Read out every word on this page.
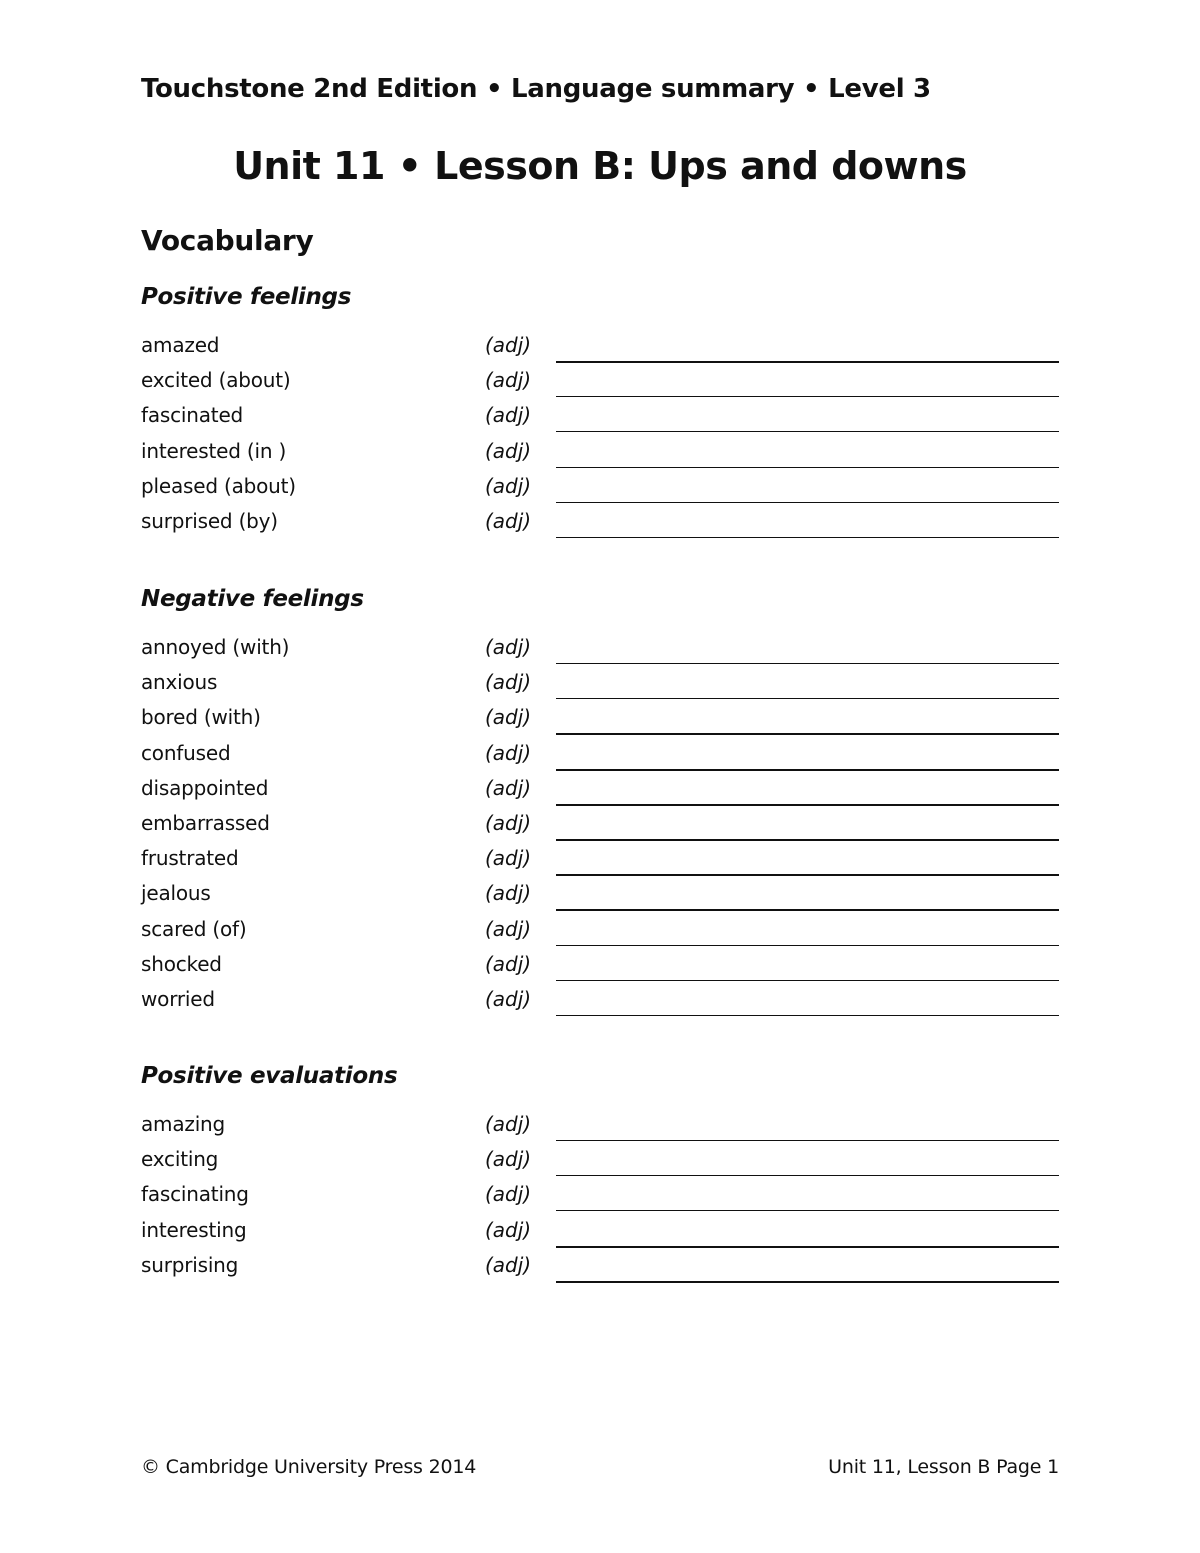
Touchstone 2nd Edition • Language summary • Level 3
Unit 11 • Lesson B: Ups and downs
Vocabulary
Positive feelings
amazed	(adj)
excited (about)	(adj)
fascinated	(adj)
interested (in )	(adj)
pleased (about)	(adj)
surprised (by)	(adj)
Negative feelings
annoyed (with)	(adj)
anxious	(adj)
bored (with)	(adj)
confused	(adj)
disappointed	(adj)
embarrassed	(adj)
frustrated	(adj)
jealous	(adj)
scared (of)	(adj)
shocked	(adj)
worried	(adj)
Positive evaluations
amazing	(adj)
exciting	(adj)
fascinating	(adj)
interesting	(adj)
surprising	(adj)
© Cambridge University Press 2014	Unit 11, Lesson B Page 1
